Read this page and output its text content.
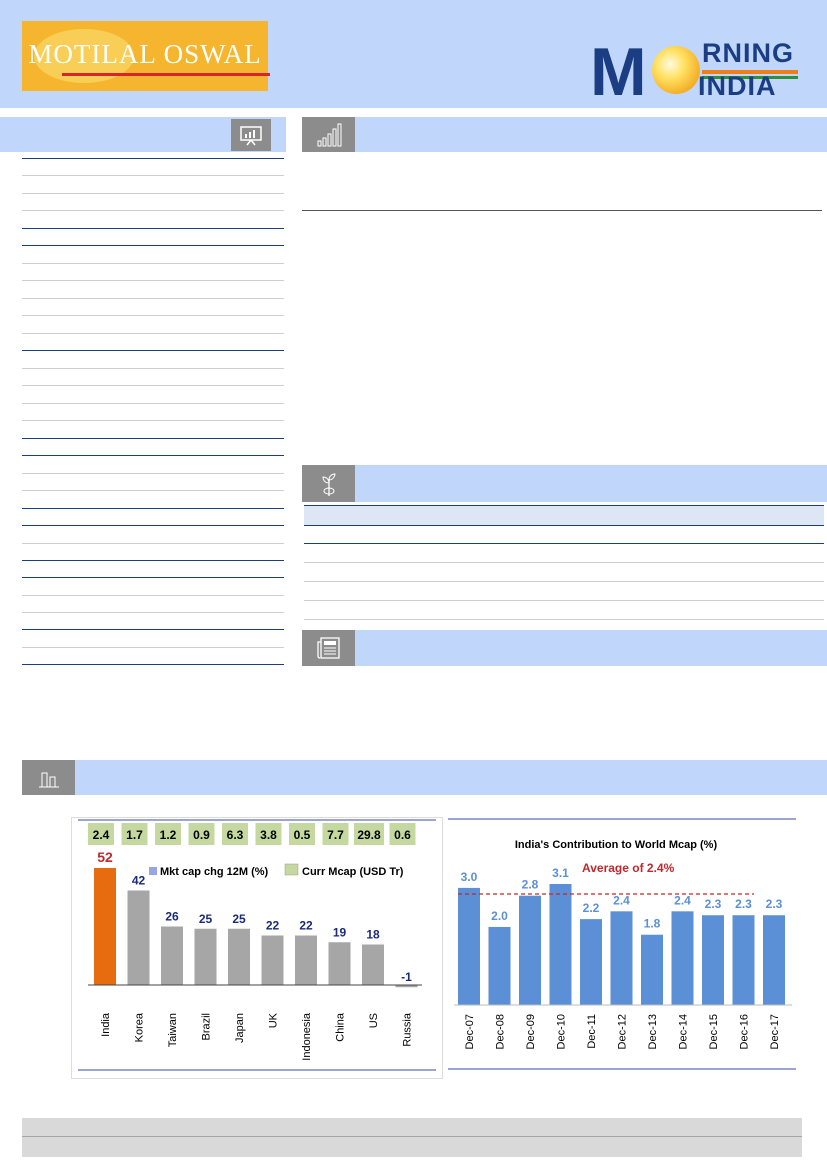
MOTILAL OSWAL	M RNING
INDIA
2.4 1.7 1.2 0.9 6.3 3.8 0.5 7.7 29.8 0.6
Mkt cap chg 12M (%)	Curr Mcap (USD Tr)
52
India
42
Korea
26
Taiwan
25
Brazil
25
Japan
22
UK
22
Indonesia
19
China
18
US
-1
Russia
India's Contribution to World Mcap (%)
3.0
Dec-07
2.0
Dec-08
2.8
Dec-09
3.1
Dec-10
2.2
Dec-11
2.4
Dec-12
1.8
Dec-13
2.4
Dec-14
2.3
Dec-15
2.3
Dec-16
2.3
Dec-17
Average of 2.4%
